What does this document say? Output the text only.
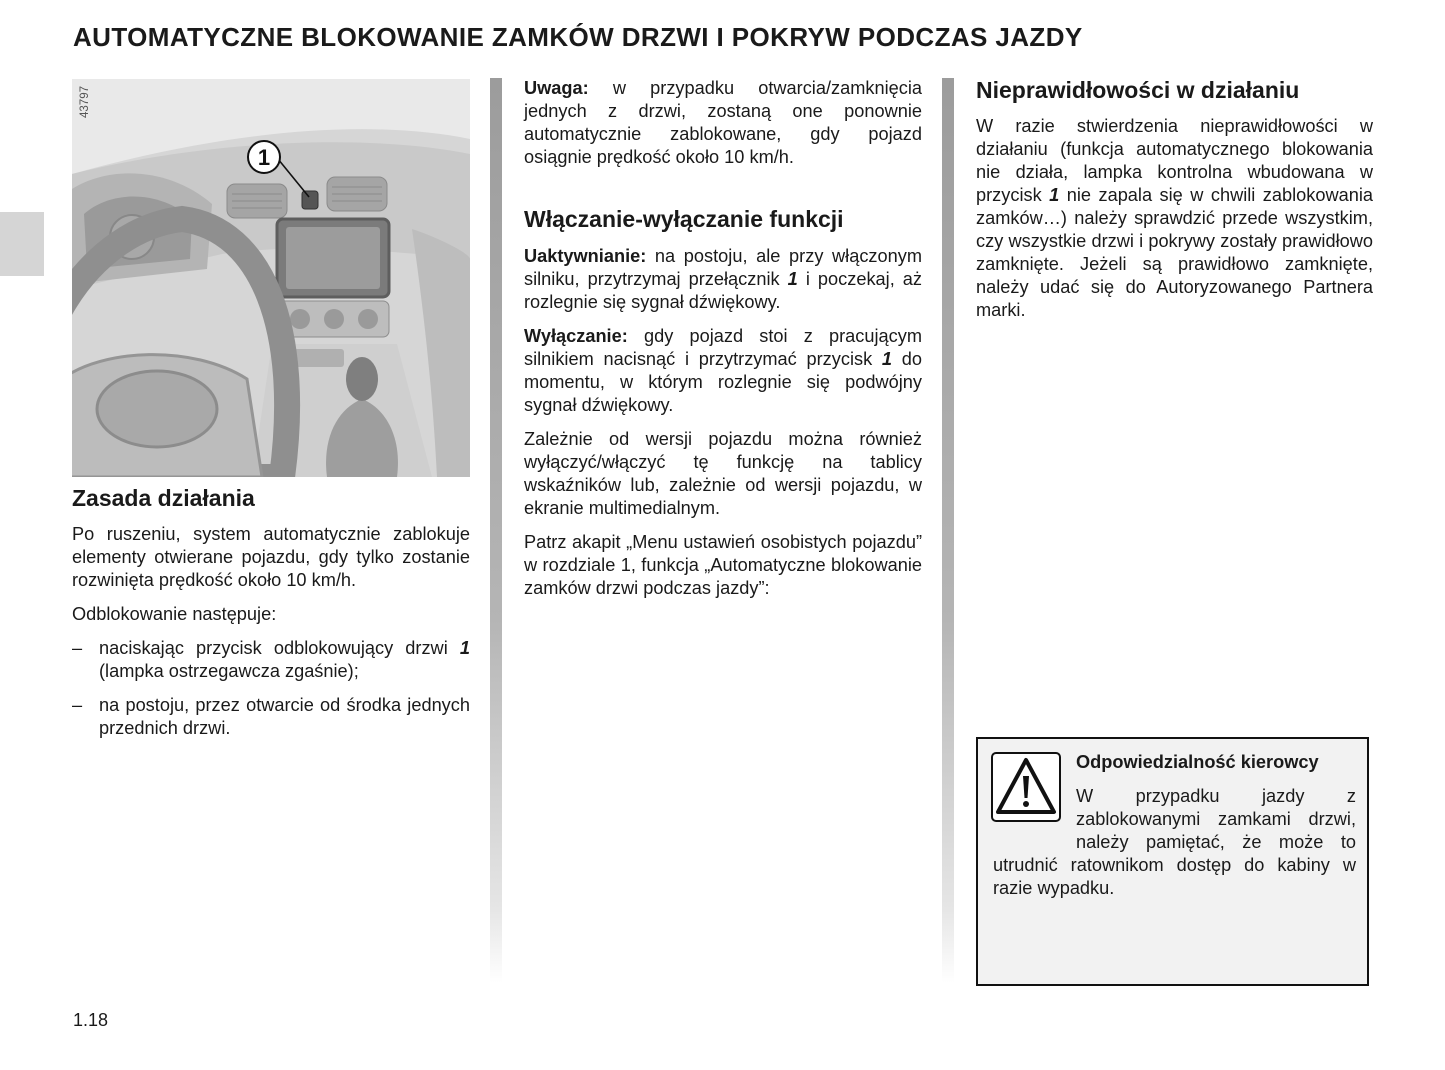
AUTOMATYCZNE BLOKOWANIE ZAMKÓW DRZWI I POKRYW PODCZAS JAZDY
1
43797
Zasada działania

Po ruszeniu, system automatycznie zablokuje elementy otwierane pojazdu, gdy tylko zostanie rozwinięta prędkość około 10 km/h.

Odblokowanie następuje:

– naciskając przycisk odblokowujący drzwi 1 (lampka ostrzegawcza zgaśnie);

– na postoju, przez otwarcie od środka jednych przednich drzwi.

Uwaga: w przypadku otwarcia/zamknięcia jednych z drzwi, zostaną one ponownie automatycznie zablokowane, gdy pojazd osiągnie prędkość około 10 km/h.

Włączanie-wyłączanie funkcji

Uaktywnianie: na postoju, ale przy włączonym silniku, przytrzymaj przełącznik 1 i poczekaj, aż rozlegnie się sygnał dźwiękowy.

Wyłączanie: gdy pojazd stoi z pracującym silnikiem nacisnąć i przytrzymać przycisk 1 do momentu, w którym rozlegnie się podwójny sygnał dźwiękowy.

Zależnie od wersji pojazdu można również wyłączyć/włączyć tę funkcję na tablicy wskaźników lub, zależnie od wersji pojazdu, w ekranie multimedialnym.

Patrz akapit „Menu ustawień osobistych pojazdu” w rozdziale 1, funkcja „Automatyczne blokowanie zamków drzwi podczas jazdy”:

Nieprawidłowości w działaniu

W razie stwierdzenia nieprawidłowości w działaniu (funkcja automatycznego blokowania nie działa, lampka kontrolna wbudowana w przycisk 1 nie zapala się w chwili zablokowania zamków…) należy sprawdzić przede wszystkim, czy wszystkie drzwi i pokrywy zostały prawidłowo zamknięte. Jeżeli są prawidłowo zamknięte, należy udać się do Autoryzowanego Partnera marki.

Odpowiedzialność kierowcy

W przypadku jazdy z zablokowanymi zamkami drzwi, należy pamiętać, że może to utrudnić ratownikom dostęp do kabiny w razie wypadku.

1.18
